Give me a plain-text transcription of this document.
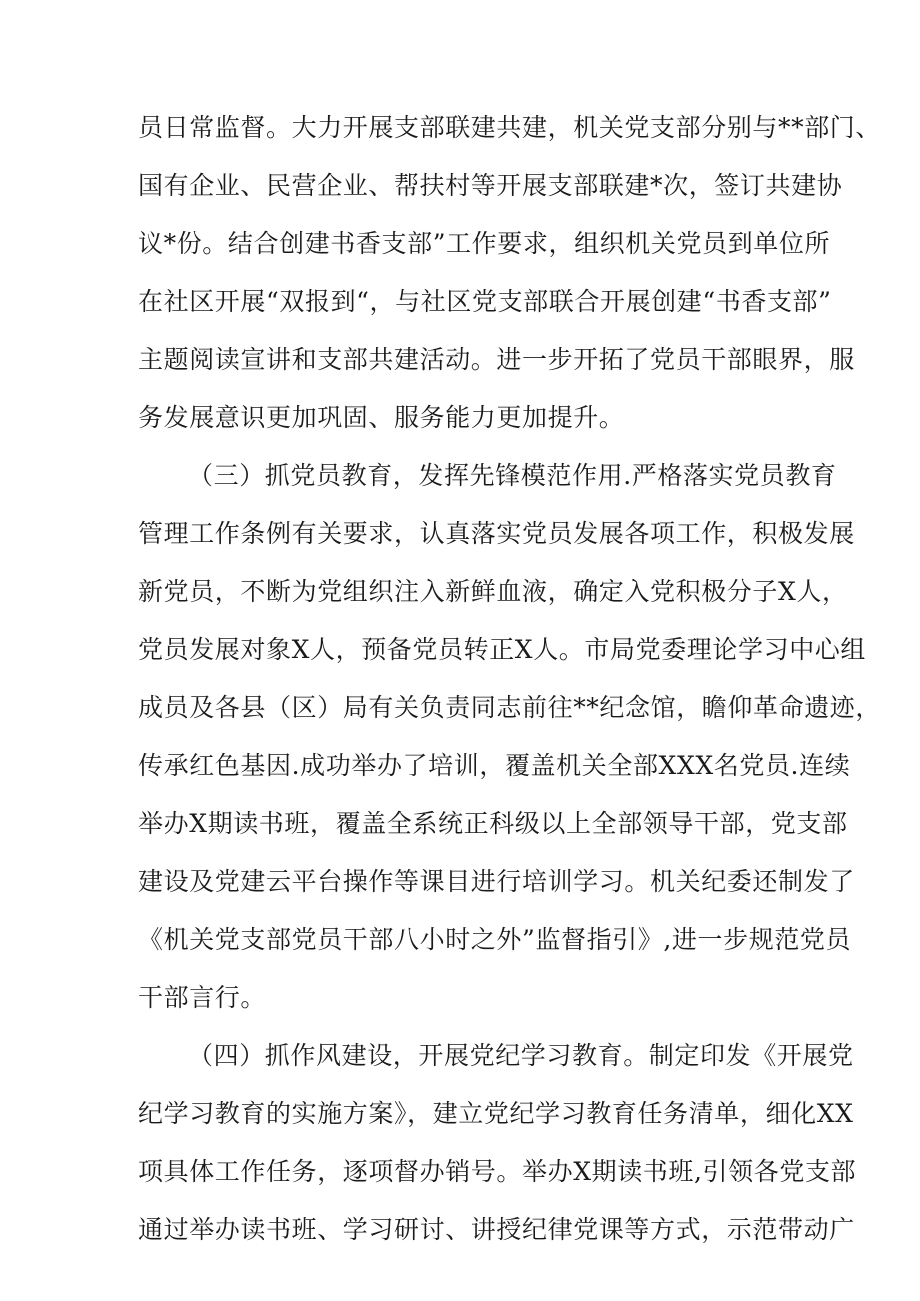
员日常监督。大力开展支部联建共建，机关党支部分别与**部门、
国有企业、民营企业、帮扶村等开展支部联建*次，签订共建协
议*份。结合创建书香支部”工作要求，组织机关党员到单位所
在社区开展“双报到“，与社区党支部联合开展创建“书香支部”
主题阅读宣讲和支部共建活动。进一步开拓了党员干部眼界，服
务发展意识更加巩固、服务能力更加提升。
（三）抓党员教育，发挥先锋模范作用.严格落实党员教育
管理工作条例有关要求，认真落实党员发展各项工作，积极发展
新党员，不断为党组织注入新鲜血液，确定入党积极分子X人，
党员发展对象X人，预备党员转正X人。市局党委理论学习中心组
成员及各县（区）局有关负责同志前往**纪念馆，瞻仰革命遗迹，
传承红色基因.成功举办了培训，覆盖机关全部XXX名党员.连续
举办X期读书班，覆盖全系统正科级以上全部领导干部，党支部
建设及党建云平台操作等课目进行培训学习。机关纪委还制发了
《机关党支部党员干部八小时之外”监督指引》,进一步规范党员
干部言行。
（四）抓作风建设，开展党纪学习教育。制定印发《开展党
纪学习教育的实施方案》，建立党纪学习教育任务清单，细化XX
项具体工作任务，逐项督办销号。举办X期读书班,引领各党支部
通过举办读书班、学习研讨、讲授纪律党课等方式，示范带动广
